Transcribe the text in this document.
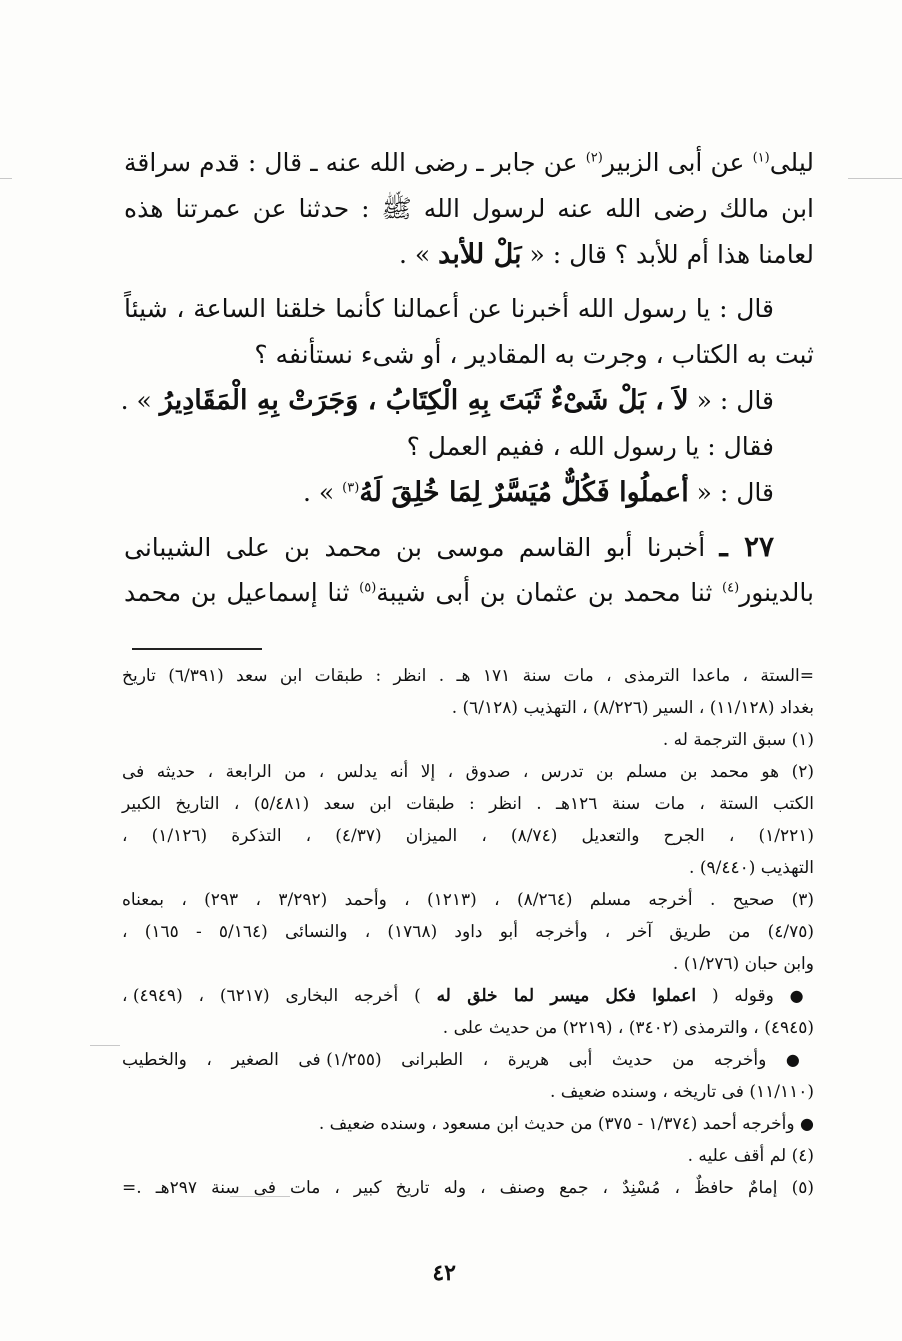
ليلى$^{(١)}$ عن أبى الزبير$^{(٢)}$ عن جابر ـ رضى الله عنه ـ قال : قدم سراقة
ابن مالك رضى الله عنه لرسول الله ﷺ : حدثنا عن عمرتنا هذه
لعامنا هذا أم للأبد ؟ قال : « بَلْ للأبد » .
قال : يا رسول الله أخبرنا عن أعمالنا كأنما خلقنا الساعة ، شيئاً
ثبت به الكتاب ، وجرت به المقادير ، أو شىء نستأنفه ؟
قال : « لاَ ، بَلْ شَىْءٌ ثَبَتَ بِهِ الْكِتَابُ ، وَجَرَتْ بِهِ الْمَقَادِيرُ » .
فقال : يا رسول الله ، ففيم العمل ؟
قال : « أعملُوا فَكُلٌّ مُيَسَّرٌ لِمَا خُلِقَ لَهُ$^{(٣)}$ » .
٢٧ ـ أخبرنا أبو القاسم موسى بن محمد بن على الشيبانى
بالدينور$^{(٤)}$ ثنا محمد بن عثمان بن أبى شيبة$^{(٥)}$ ثنا إسماعيل بن محمد
=الستة ، ماعدا الترمذى ، مات سنة ١٧١ هـ . انظر : طبقات ابن سعد (٦/٣٩١) تاريخ
بغداد (١١/١٢٨) ، السير (٨/٢٢٦) ، التهذيب (٦/١٢٨) .
(١) سبق الترجمة له .
(٢) هو محمد بن مسلم بن تدرس ، صدوق ، إلا أنه يدلس ، من الرابعة ، حديثه فى
الكتب الستة ، مات سنة ١٢٦هـ . انظر : طبقات ابن سعد (٥/٤٨١) ، التاريخ الكبير
(١/٢٢١) ، الجرح والتعديل (٨/٧٤) ، الميزان (٤/٣٧) ، التذكرة (١/١٢٦) ،
التهذيب (٩/٤٤٠) .
(٣) صحيح . أخرجه مسلم (٨/٢٦٤) ، (١٢١٣) ، وأحمد (٣/٢٩٢ ، ٢٩٣) ، بمعناه
(٤/٧٥) من طريق آخر ، وأخرجه أبو داود (١٧٦٨) ، والنسائى (٥/١٦٤ - ١٦٥) ،
وابن حبان (١/٢٧٦) .
● وقوله ( اعملوا فكل ميسر لما خلق له ) أخرجه البخارى (٦٢١٧) ، (٤٩٤٩) ،
(٤٩٤٥) ، والترمذى (٣٤٠٢) ، (٢٢١٩) من حديث على .
● وأخرجه من حديث أبى هريرة ، الطبرانى (١/٢٥٥) فى الصغير ، والخطيب
(١١/١١٠) فى تاريخه ، وسنده ضعيف .
● وأخرجه أحمد (١/٣٧٤ - ٣٧٥) من حديث ابن مسعود ، وسنده ضعيف .
(٤) لم أقف عليه .
(٥) إمامٌ حافظٌ ، مُسْنِدٌ ، جمع وصنف ، وله تاريخ كبير ، مات فى سنة ٢٩٧هـ .=
٤٢
